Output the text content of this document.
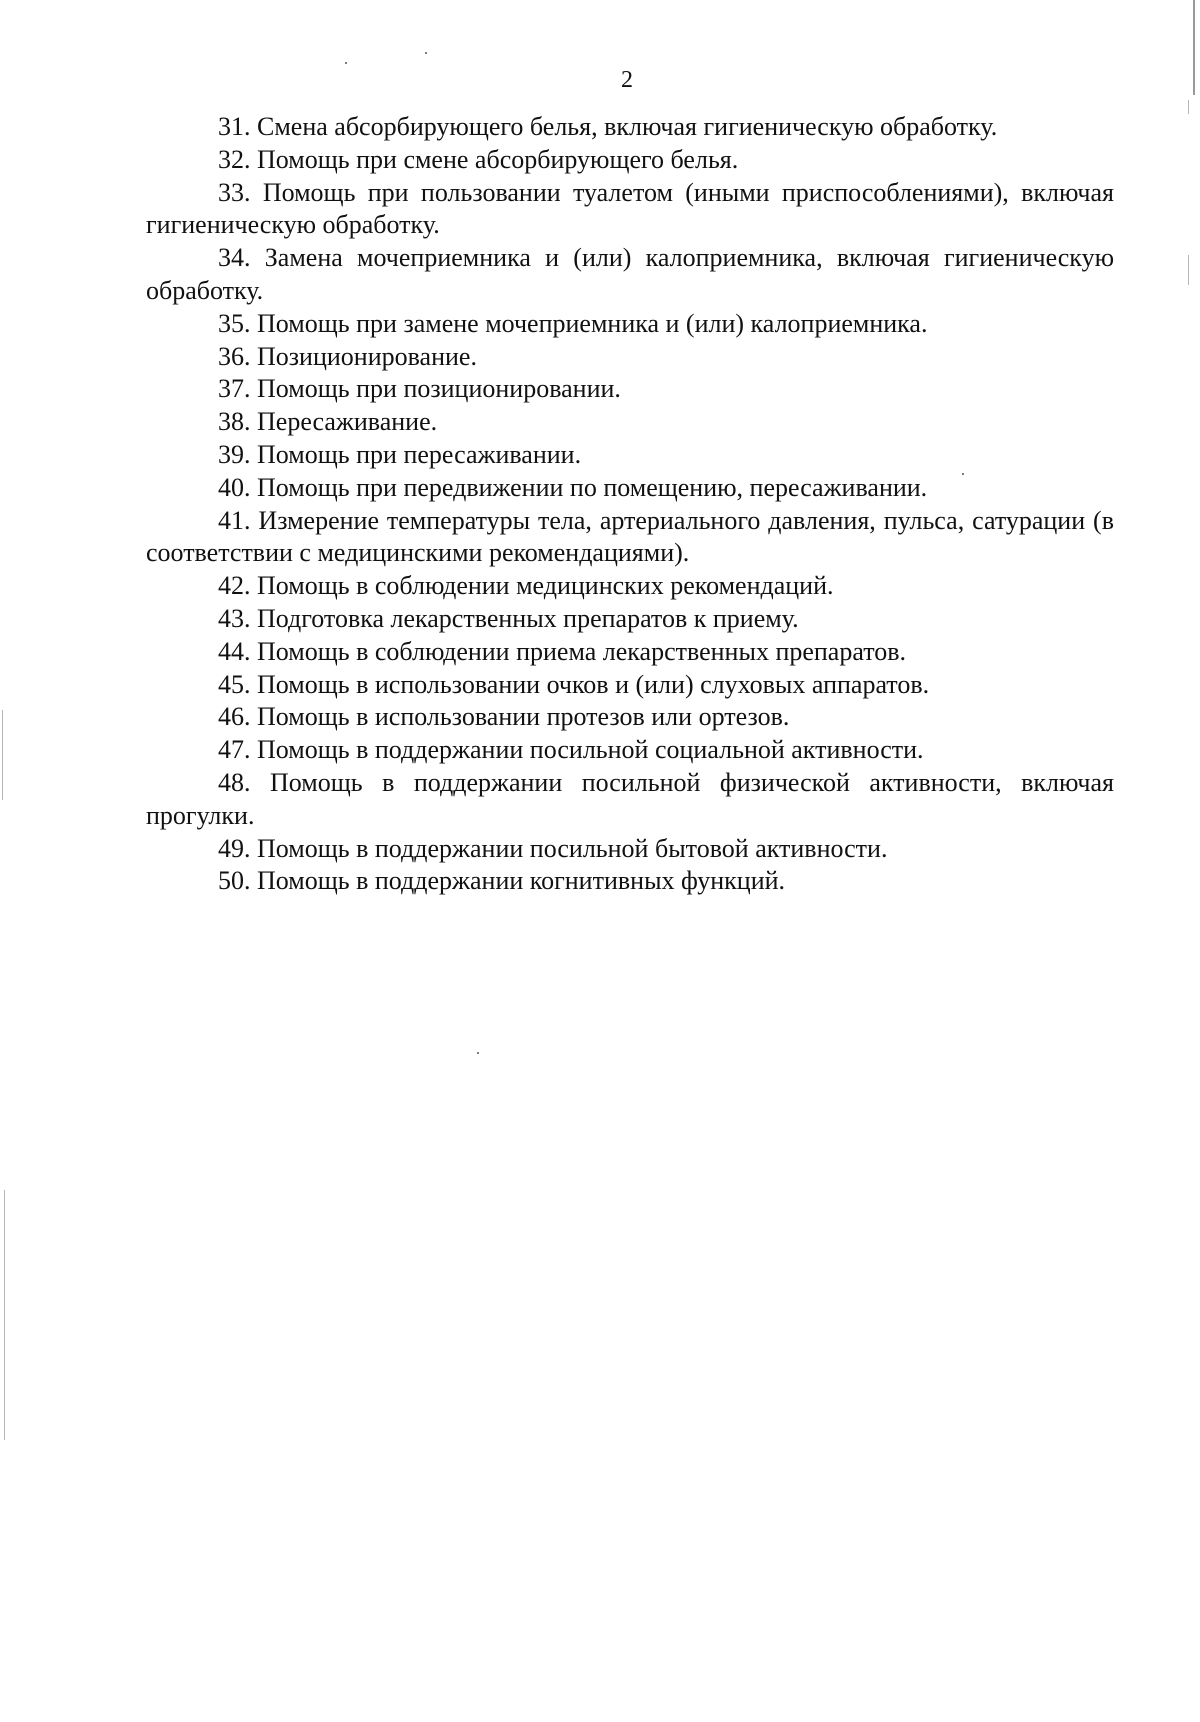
2

31. Смена абсорбирующего белья, включая гигиеническую обработку.

32. Помощь при смене абсорбирующего белья.

33. Помощь при пользовании туалетом (иными приспособлениями), включая гигиеническую обработку.

34. Замена мочеприемника и (или) калоприемника, включая гигиеническую обработку.

35. Помощь при замене мочеприемника и (или) калоприемника.

36. Позиционирование.

37. Помощь при позиционировании.

38. Пересаживание.

39. Помощь при пересаживании.

40. Помощь при передвижении по помещению, пересаживании.

41. Измерение температуры тела, артериального давления, пульса, сатурации (в соответствии с медицинскими рекомендациями).

42. Помощь в соблюдении медицинских рекомендаций.

43. Подготовка лекарственных препаратов к приему.

44. Помощь в соблюдении приема лекарственных препаратов.

45. Помощь в использовании очков и (или) слуховых аппаратов.

46. Помощь в использовании протезов или ортезов.

47. Помощь в поддержании посильной социальной активности.

48. Помощь в поддержании посильной физической активности, включая прогулки.

49. Помощь в поддержании посильной бытовой активности.

50. Помощь в поддержании когнитивных функций.
